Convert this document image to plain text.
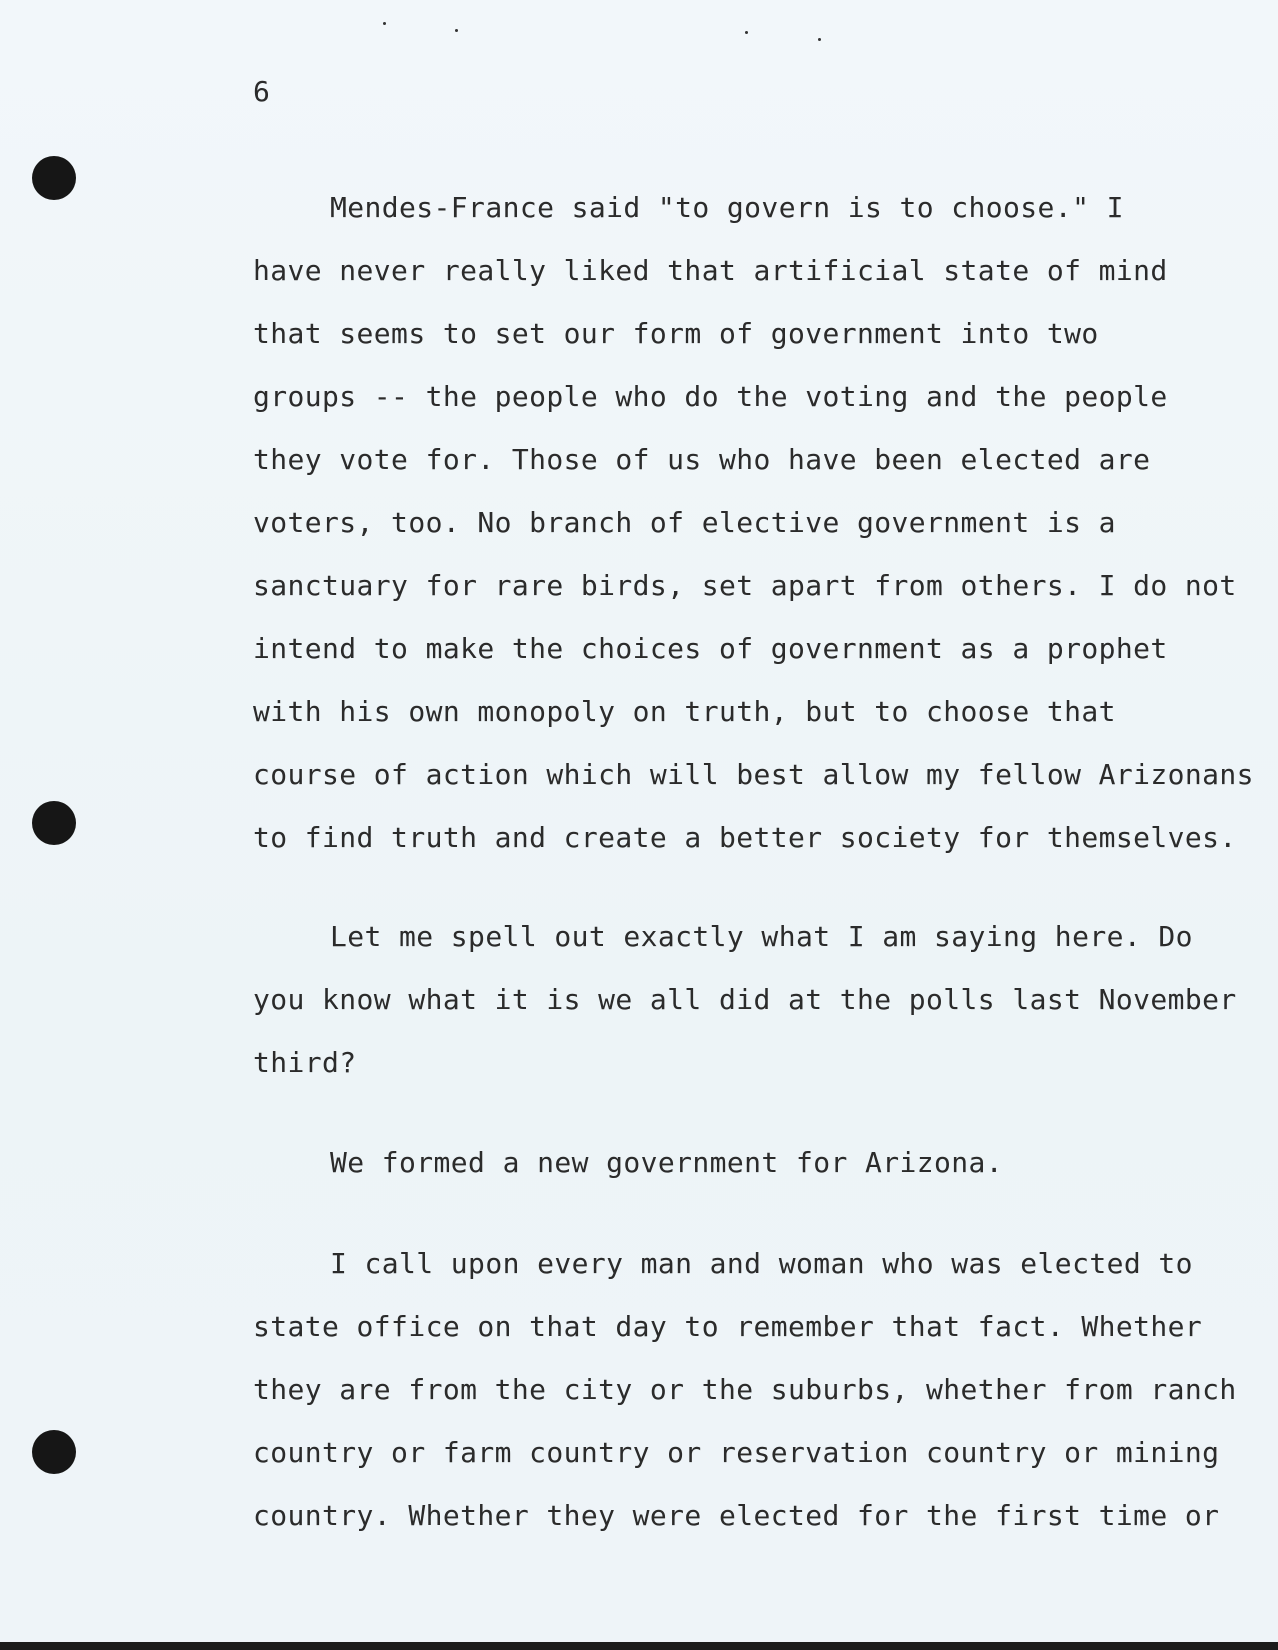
6
Mendes-France said "to govern is to choose." I
have never really liked that artificial state of mind
that seems to set our form of government into two
groups -- the people who do the voting and the people
they vote for. Those of us who have been elected are
voters, too. No branch of elective government is a
sanctuary for rare birds, set apart from others. I do not
intend to make the choices of government as a prophet
with his own monopoly on truth, but to choose that
course of action which will best allow my fellow Arizonans
to find truth and create a better society for themselves.
Let me spell out exactly what I am saying here. Do
you know what it is we all did at the polls last November
third?
We formed a new government for Arizona.
I call upon every man and woman who was elected to
state office on that day to remember that fact. Whether
they are from the city or the suburbs, whether from ranch
country or farm country or reservation country or mining
country. Whether they were elected for the first time or
